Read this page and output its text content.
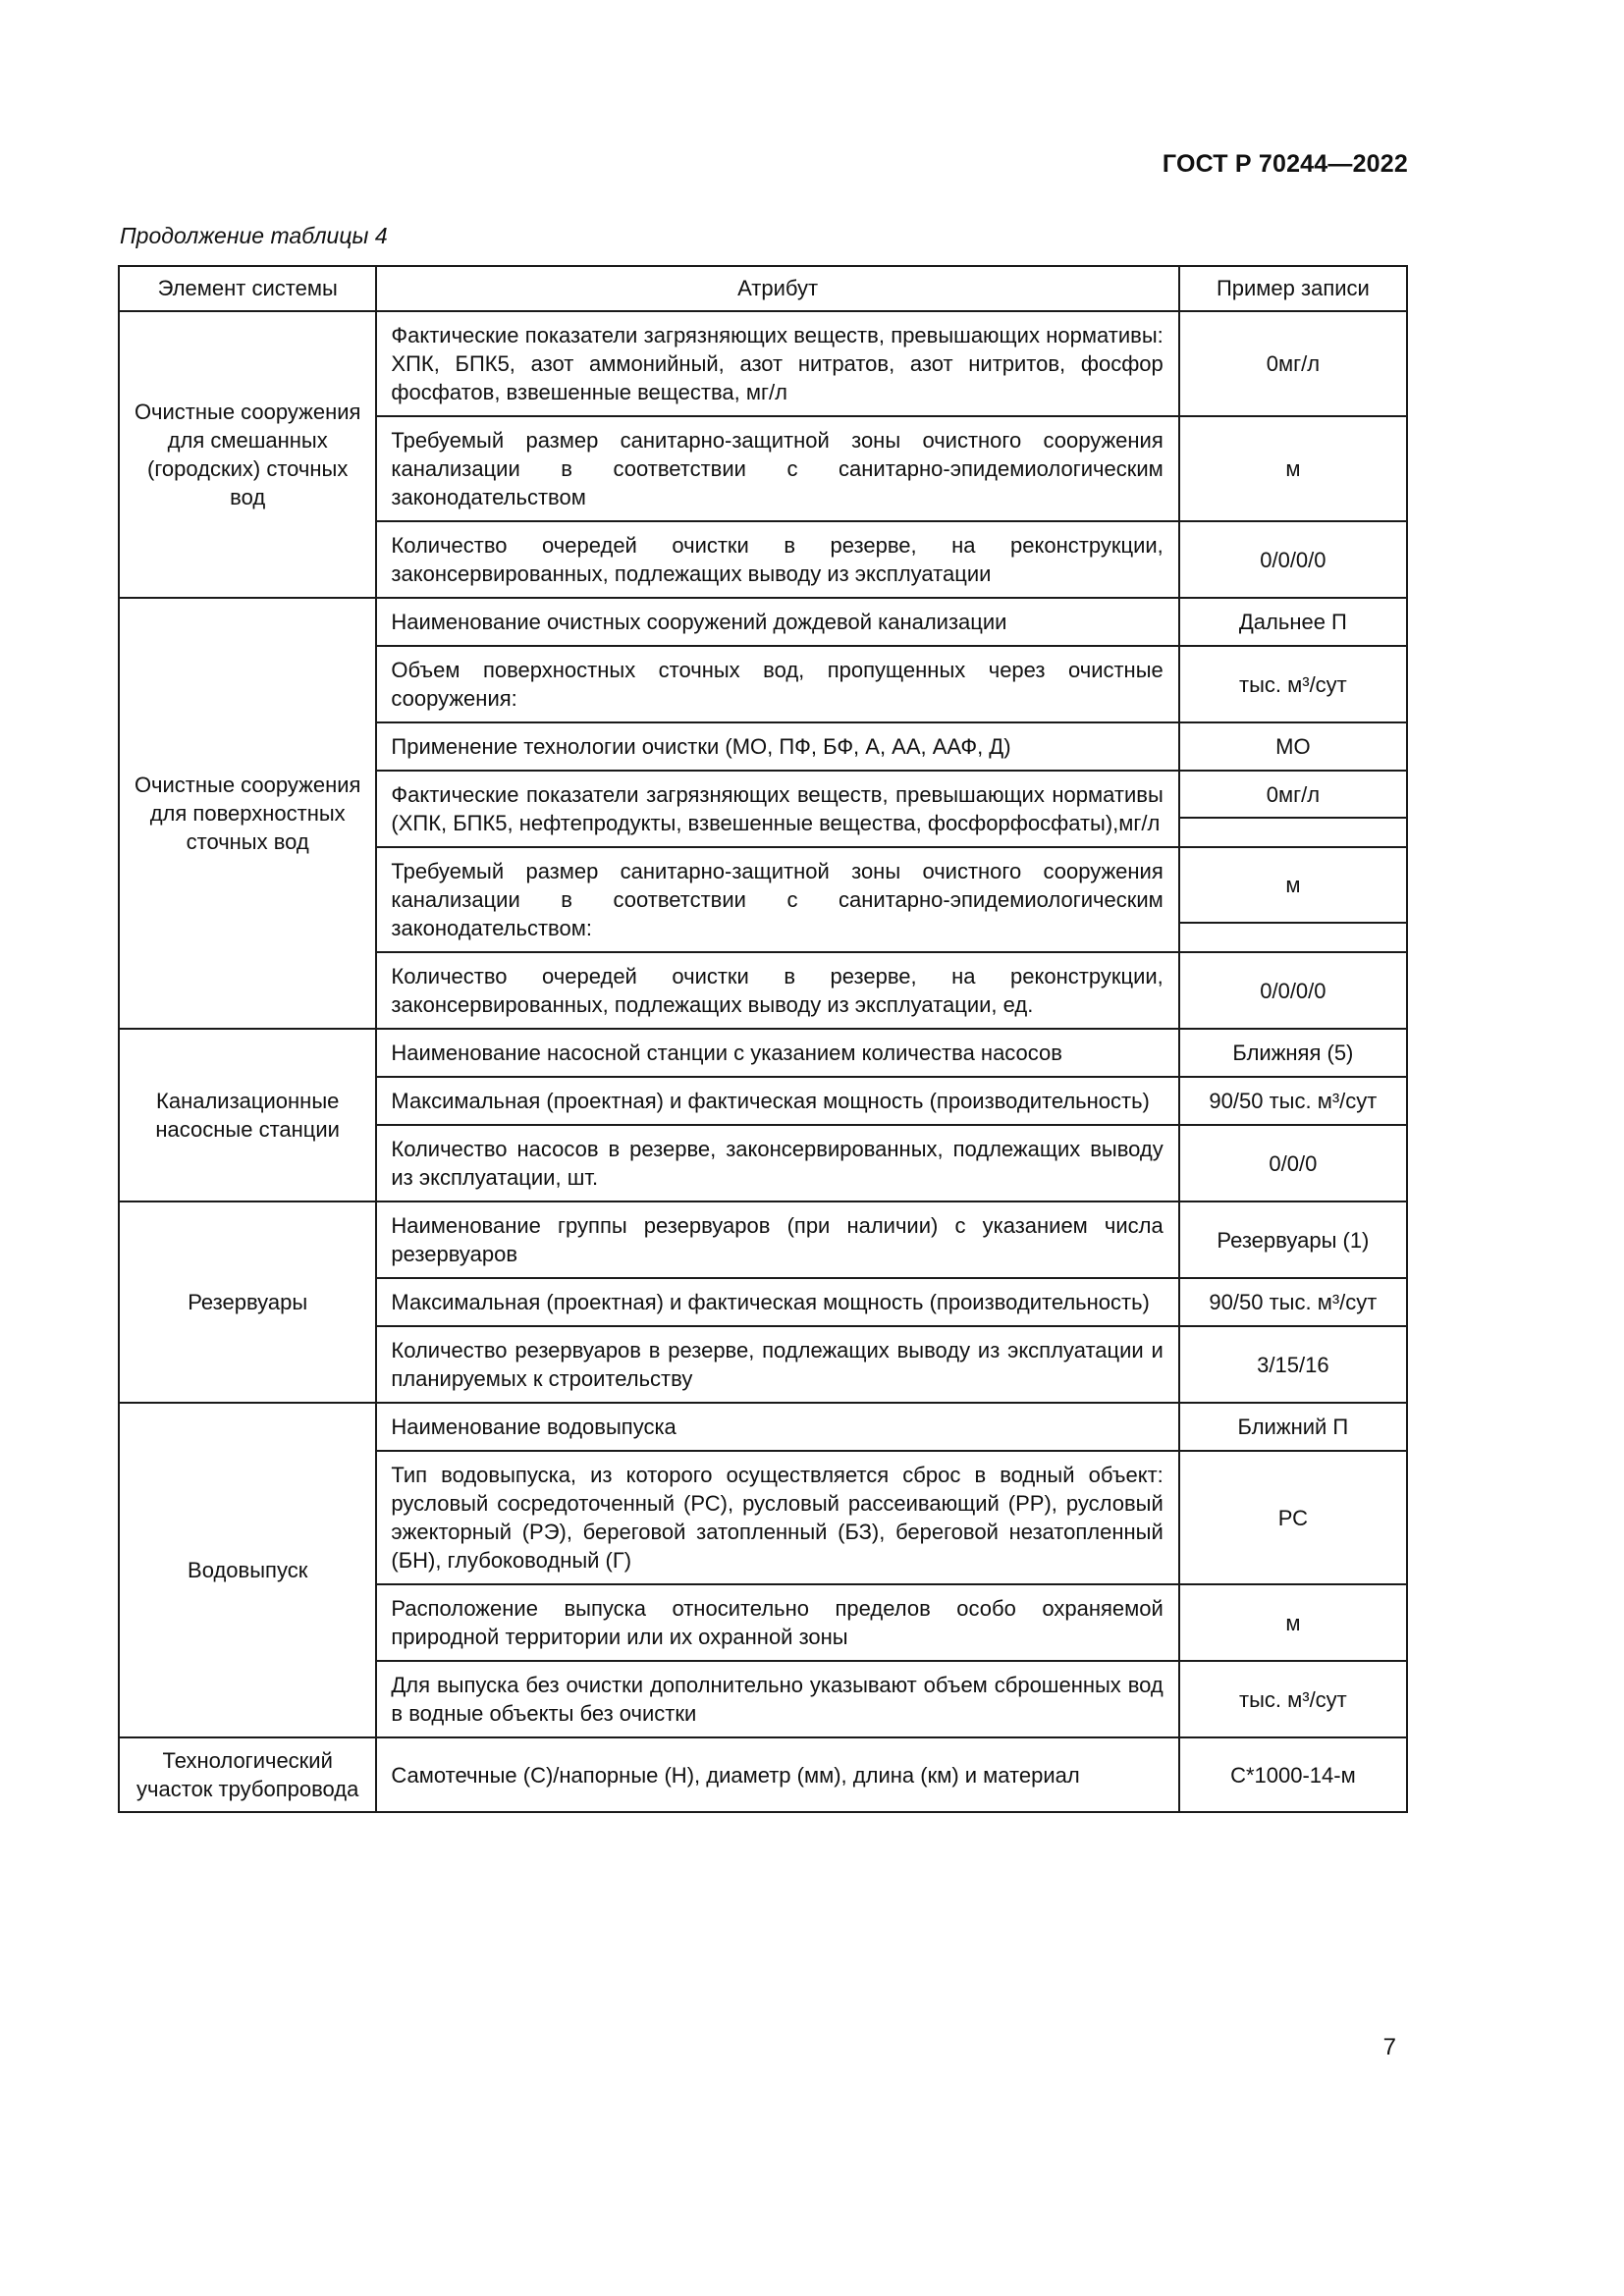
ГОСТ Р 70244—2022
Продолжение таблицы 4
Элемент системы	Атрибут	Пример записи
Очистные сооружения для смешанных (городских) сточных вод	Фактические показатели загрязняющих веществ, превышающих нормативы: ХПК, БПК5, азот аммонийный, азот нитратов, азот нитритов, фосфор фосфатов, взвешенные вещества, мг/л	0мг/л
	Требуемый размер санитарно-защитной зоны очистного сооружения канализации в соответствии с санитарно-эпидемиологическим законодательством	м
	Количество очередей очистки в резерве, на реконструкции, законсервированных, подлежащих выводу из эксплуатации	0/0/0/0
Очистные сооружения для поверхностных сточных вод	Наименование очистных сооружений дождевой канализации	Дальнее П
	Объем поверхностных сточных вод, пропущенных через очистные сооружения:	тыс. м³/сут
	Применение технологии очистки (МО, ПФ, БФ, А, АА, ААФ, Д)	МО
	Фактические показатели загрязняющих веществ, превышающих нормативы (ХПК, БПК5, нефтепродукты, взвешенные вещества, фосфорфосфаты),мг/л	0мг/л

	Требуемый размер санитарно-защитной зоны очистного сооружения канализации в соответствии с санитарно-эпидемиологическим законодательством:	м

	Количество очередей очистки в резерве, на реконструкции, законсервированных, подлежащих выводу из эксплуатации, ед.	0/0/0/0
Канализационные насосные станции	Наименование насосной станции с указанием количества насосов	Ближняя (5)
	Максимальная (проектная) и фактическая мощность (производительность)	90/50 тыс. м³/сут
	Количество насосов в резерве, законсервированных, подлежащих выводу из эксплуатации, шт.	0/0/0
Резервуары	Наименование группы резервуаров (при наличии) с указанием числа резервуаров	Резервуары (1)
	Максимальная (проектная) и фактическая мощность (производительность)	90/50 тыс. м³/сут
	Количество резервуаров в резерве, подлежащих выводу из эксплуатации и планируемых к строительству	3/15/16
Водовыпуск	Наименование водовыпуска	Ближний П
	Тип водовыпуска, из которого осуществляется сброс в водный объект: русловый сосредоточенный (РС), русловый рассеивающий (РР), русловый эжекторный (РЭ), береговой затопленный (БЗ), береговой незатопленный (БН), глубоководный (Г)	РС
	Расположение выпуска относительно пределов особо охраняемой природной территории или их охранной зоны	м
	Для выпуска без очистки дополнительно указывают объем сброшенных вод в водные объекты без очистки	тыс. м³/сут
Технологический участок трубопровода	Самотечные (С)/напорные (Н), диаметр (мм), длина (км) и материал	С*1000-14-м
7
